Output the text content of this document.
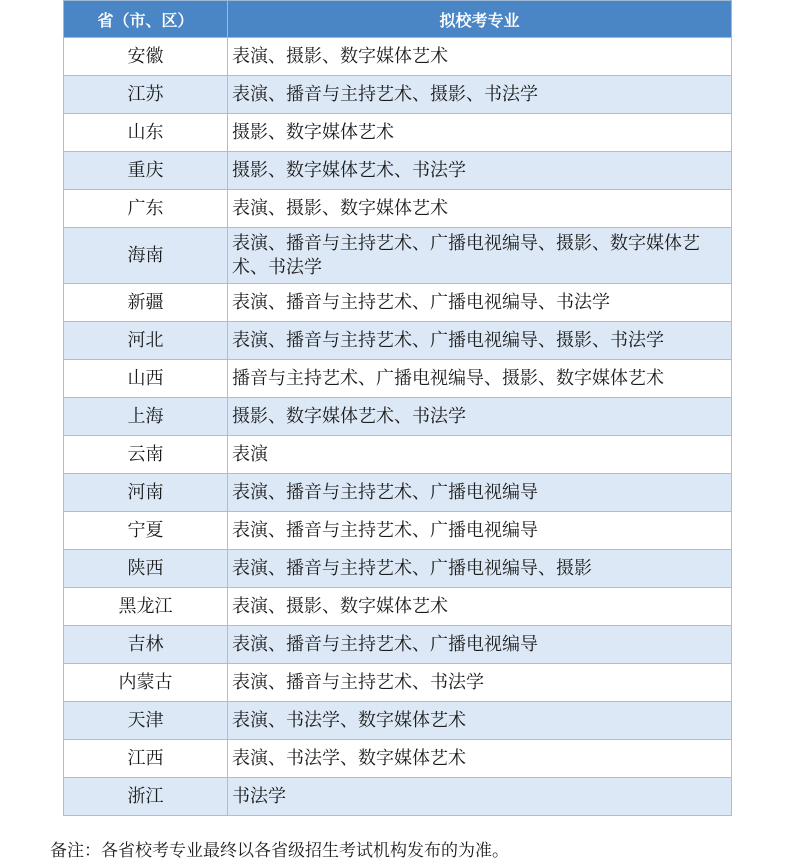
省（市、区）	拟校考专业
安徽	表演、摄影、数字媒体艺术
江苏	表演、播音与主持艺术、摄影、书法学
山东	摄影、数字媒体艺术
重庆	摄影、数字媒体艺术、书法学
广东	表演、摄影、数字媒体艺术
海南	表演、播音与主持艺术、广播电视编导、摄影、数字媒体艺术、书法学
新疆	表演、播音与主持艺术、广播电视编导、书法学
河北	表演、播音与主持艺术、广播电视编导、摄影、书法学
山西	播音与主持艺术、广播电视编导、摄影、数字媒体艺术
上海	摄影、数字媒体艺术、书法学
云南	表演
河南	表演、播音与主持艺术、广播电视编导
宁夏	表演、播音与主持艺术、广播电视编导
陕西	表演、播音与主持艺术、广播电视编导、摄影
黑龙江	表演、摄影、数字媒体艺术
吉林	表演、播音与主持艺术、广播电视编导
内蒙古	表演、播音与主持艺术、书法学
天津	表演、书法学、数字媒体艺术
江西	表演、书法学、数字媒体艺术
浙江	书法学
备注：各省校考专业最终以各省级招生考试机构发布的为准。
